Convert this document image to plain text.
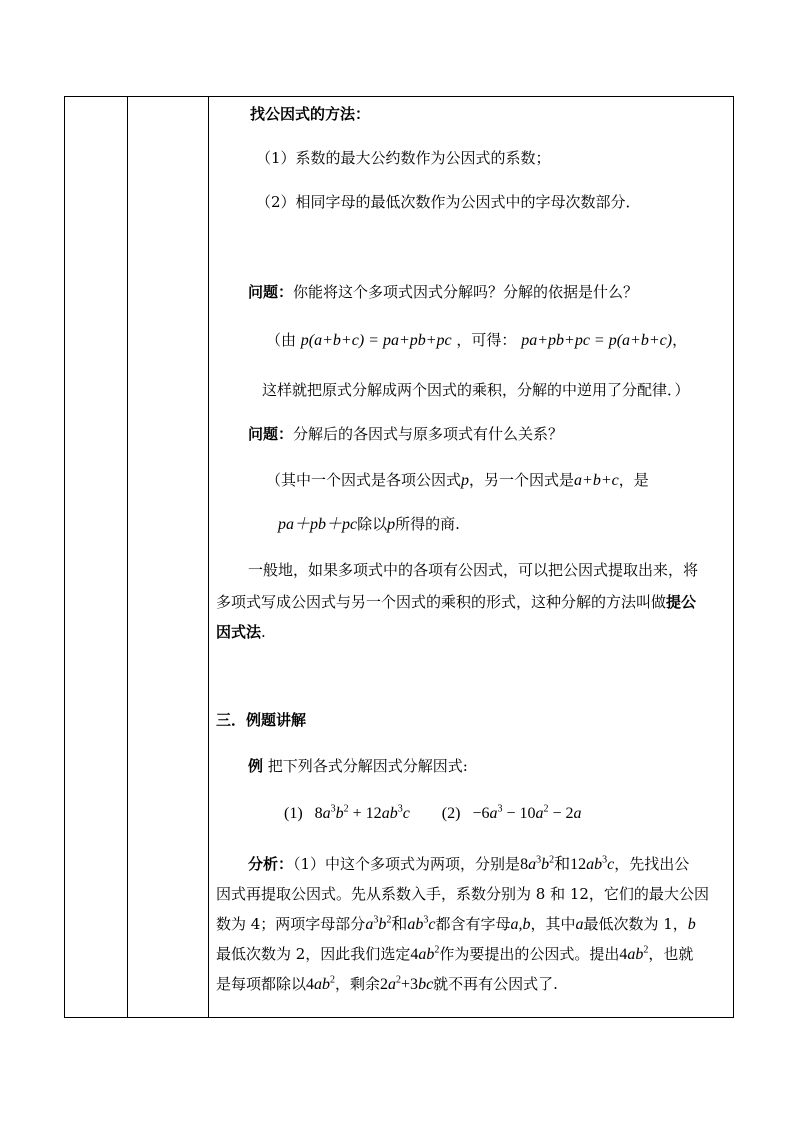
找公因式的方法：
（1）系数的最大公约数作为公因式的系数；
（2）相同字母的最低次数作为公因式中的字母次数部分．
问题：你能将这个多项式因式分解吗？分解的依据是什么？
（由 p(a+b+c) = pa+pb+pc ，可得： pa+pb+pc = p(a+b+c)，
这样就把原式分解成两个因式的乘积，分解的中逆用了分配律．）
问题：分解后的各因式与原多项式有什么关系？
（其中一个因式是各项公因式p，另一个因式是a+b+c，是
pa＋pb＋pc除以p所得的商.
一般地，如果多项式中的各项有公因式，可以把公因式提取出来，将
多项式写成公因式与另一个因式的乘积的形式，这种分解的方法叫做提公
因式法.
三．例题讲解
例 把下列各式分解因式分解因式:
(1) $8a^3b^2 + 12ab^3c$ $(2) -6a^3 - 10a^2 - 2a$
分析：（1）中这个多项式为两项，分别是$8a^3b^2$和$12ab^3c$，先找出公
因式再提取公因式。先从系数入手，系数分别为 8 和 12，它们的最大公因
数为 4；两项字母部分$a^3b^2$和$ab^3c$都含有字母a,b，其中a最低次数为 1，b
最低次数为 2，因此我们选定$4ab^2$作为要提出的公因式。提出$4ab^2$，也就
是每项都除以$4ab^2$，剩余$2a^2+3bc$就不再有公因式了.
